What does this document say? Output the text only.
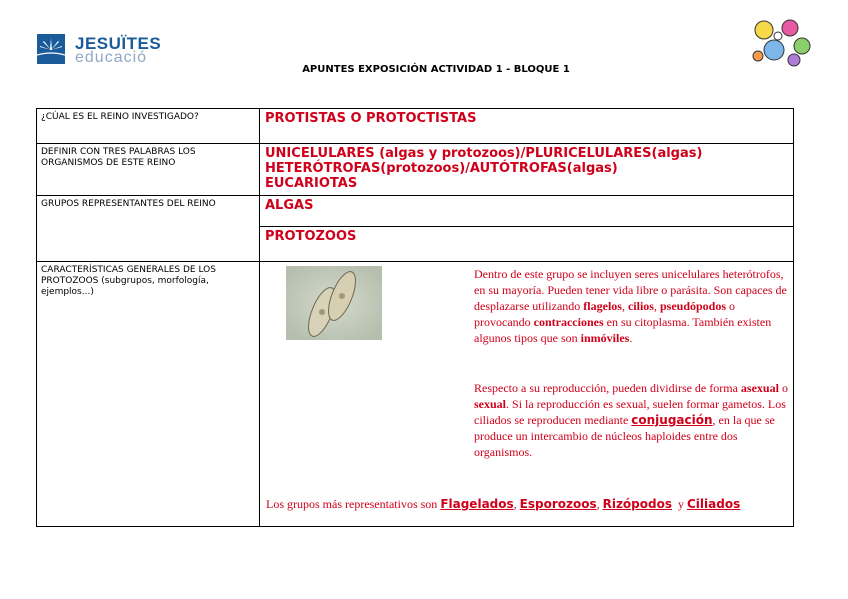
JESUÏTES
educació
APUNTES EXPOSICIÓN ACTIVIDAD 1 - BLOQUE 1
¿CÚAL ES EL REINO INVESTIGADO?	PROTISTAS O PROTOCTISTAS
DEFINIR CON TRES PALABRAS LOS ORGANISMOS DE ESTE REINO	UNICELULARES (algas y protozoos)/PLURICELULARES(algas)
HETERÓTROFAS(protozoos)/AUTÓTROFAS(algas)
EUCARIOTAS

GRUPOS REPRESENTANTES DEL REINO	ALGAS
	PROTOZOOS
CARACTERÍSTICAS GENERALES DE LOS PROTOZOOS (subgrupos, morfología, ejemplos...)	Dentro de este grupo se incluyen seres unicelulares heterótrofos, en su mayoría. Pueden tener vida libre o parásita. Son capaces de desplazarse utilizando flagelos, cilios, pseudópodos o provocando contracciones en su citoplasma. También existen algunos tipos que son inmóviles.
Respecto a su reproducción, pueden dividirse de forma asexual o sexual. Si la reproducción es sexual, suelen formar gametos. Los ciliados se reproducen mediante conjugación, en la que se produce un intercambio de núcleos haploides entre dos organismos.
Los grupos más representativos son Flagelados, Esporozoos, Rizópodos  y Ciliados
